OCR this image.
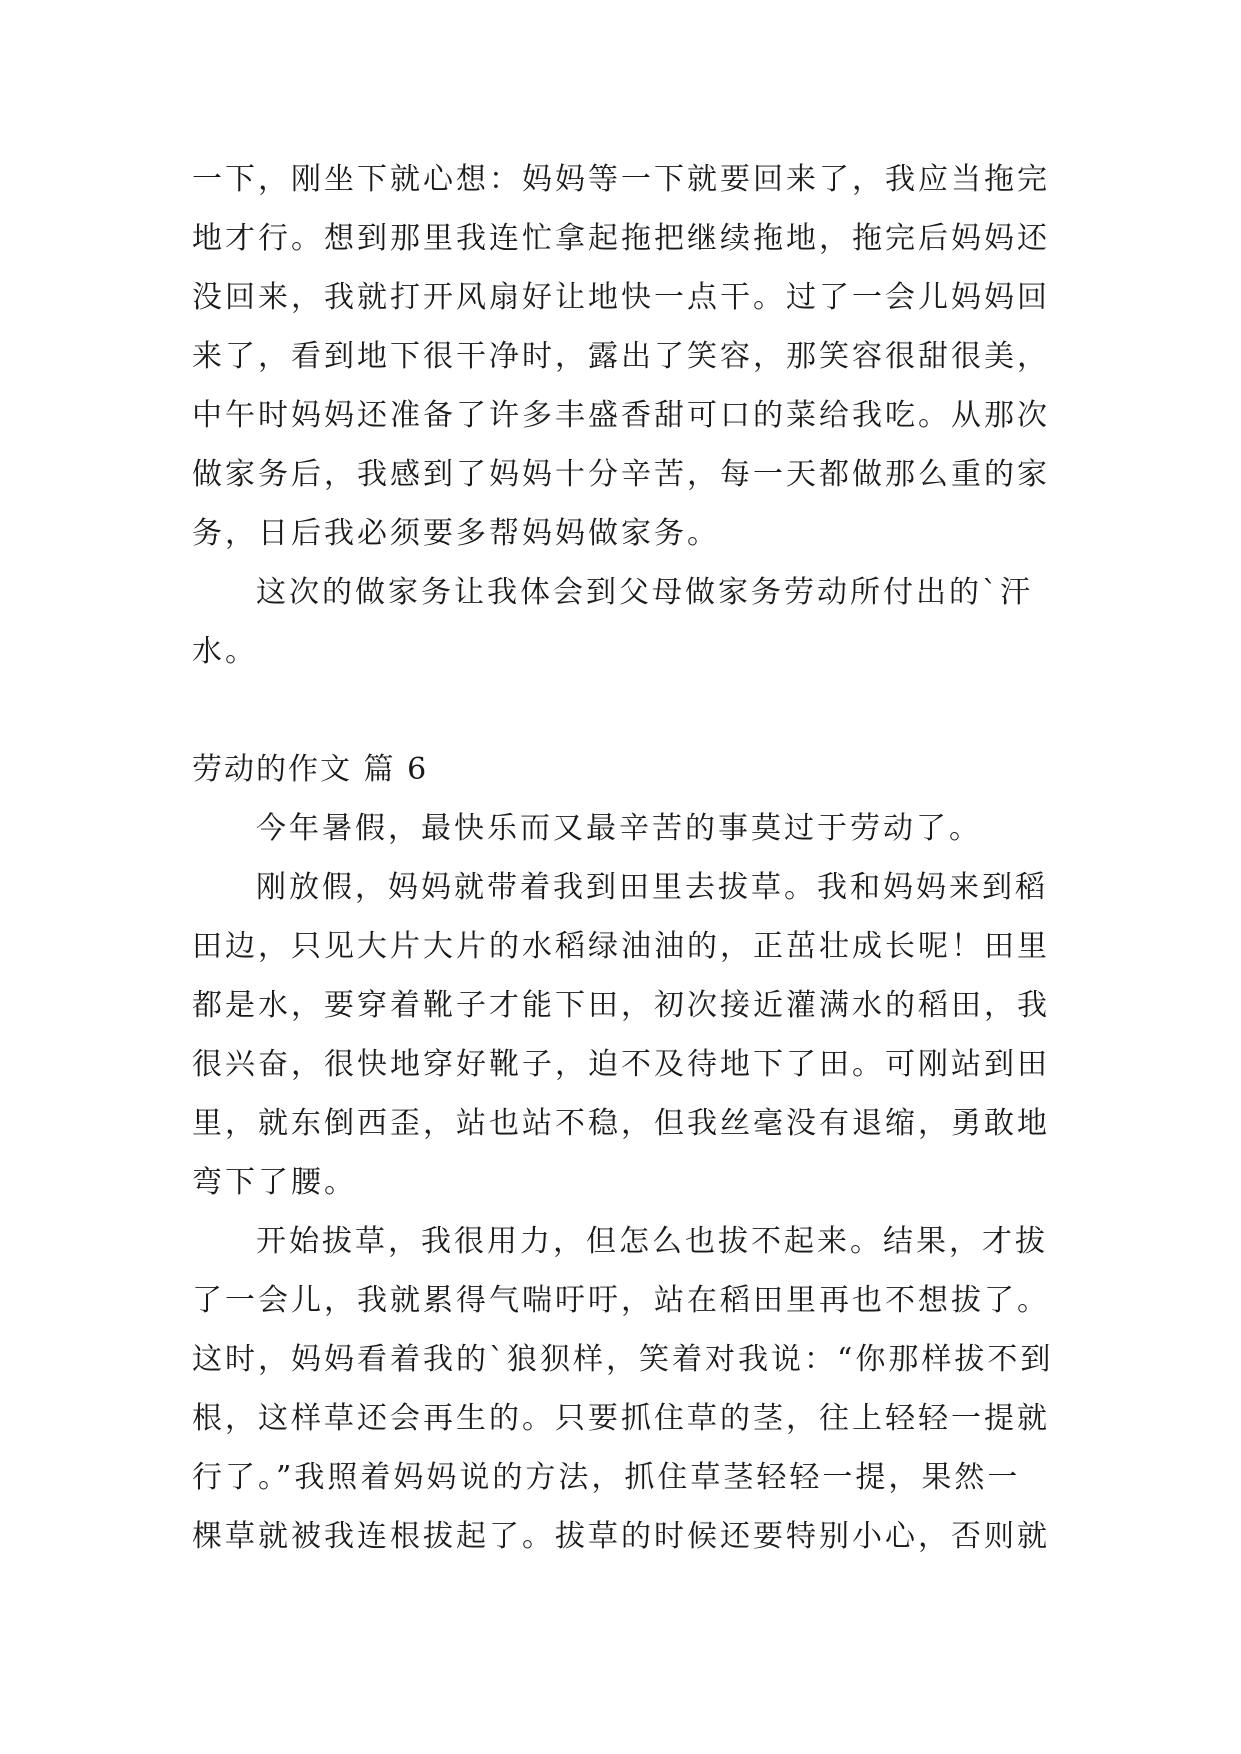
一下，刚坐下就心想：妈妈等一下就要回来了，我应当拖完
地才行。想到那里我连忙拿起拖把继续拖地，拖完后妈妈还
没回来，我就打开风扇好让地快一点干。过了一会儿妈妈回
来了，看到地下很干净时，露出了笑容，那笑容很甜很美，
中午时妈妈还准备了许多丰盛香甜可口的菜给我吃。从那次
做家务后，我感到了妈妈十分辛苦，每一天都做那么重的家
务，日后我必须要多帮妈妈做家务。
这次的做家务让我体会到父母做家务劳动所付出的`汗
水。
劳动的作文 篇 6
今年暑假，最快乐而又最辛苦的事莫过于劳动了。
刚放假，妈妈就带着我到田里去拔草。我和妈妈来到稻
田边，只见大片大片的水稻绿油油的，正茁壮成长呢！田里
都是水，要穿着靴子才能下田，初次接近灌满水的稻田，我
很兴奋，很快地穿好靴子，迫不及待地下了田。可刚站到田
里，就东倒西歪，站也站不稳，但我丝毫没有退缩，勇敢地
弯下了腰。
开始拔草，我很用力，但怎么也拔不起来。结果，才拔
了一会儿，我就累得气喘吁吁，站在稻田里再也不想拔了。
这时，妈妈看着我的`狼狈样，笑着对我说：“你那样拔不到
根，这样草还会再生的。只要抓住草的茎，往上轻轻一提就
行了。”我照着妈妈说的方法，抓住草茎轻轻一提，果然一
棵草就被我连根拔起了。拔草的时候还要特别小心，否则就
